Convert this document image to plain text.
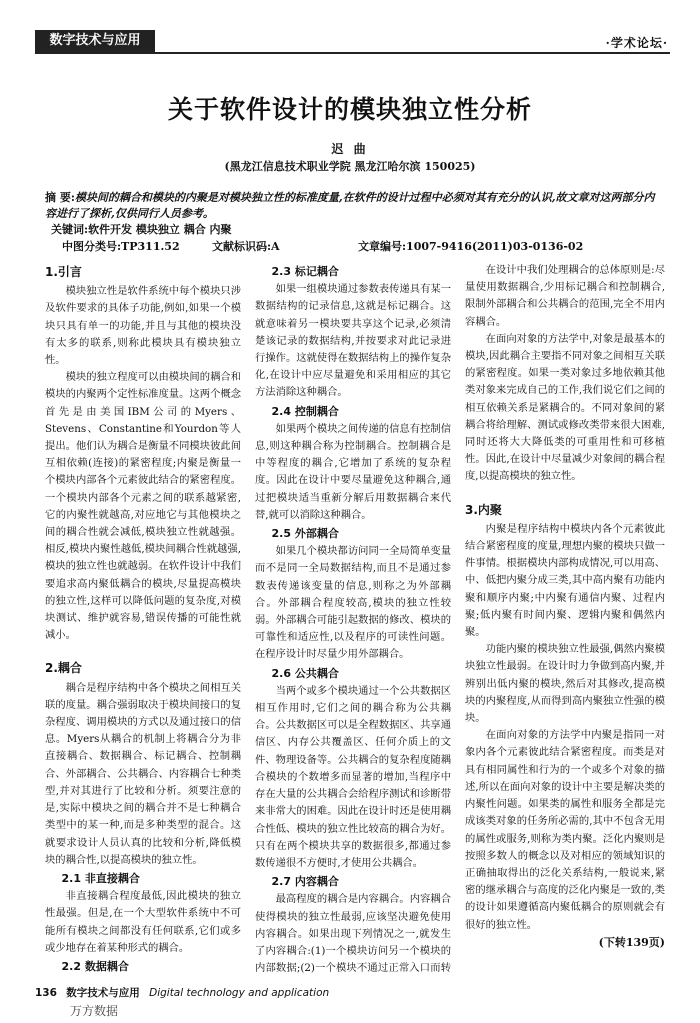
数字技术与应用	·学术论坛·
关于软件设计的模块独立性分析
迟 曲
(黑龙江信息技术职业学院 黑龙江哈尔滨 150025)
摘 要:模块间的耦合和模块的内聚是对模块独立性的标准度量,在软件的设计过程中必须对其有充分的认识,故文章对这两部分内容进行了探析,仅供同行人员参考。
关键词:软件开发 模块独立 耦合 内聚
中图分类号:TP311.52	文献标识码:A	文章编号:1007-9416(2011)03-0136-02
1.引言

模块独立性是软件系统中每个模块只涉及软件要求的具体子功能,例如,如果一个模块只具有单一的功能,并且与其他的模块没有太多的联系,则称此模块具有模块独立性。

模块的独立程度可以由模块间的耦合和模块的内聚两个定性标准度量。这两个概念首先是由美国IBM公司的Myers、Stevens、Constantine和Yourdon等人提出。他们认为耦合是衡量不同模块彼此间互相依赖(连接)的紧密程度;内聚是衡量一个模块内部各个元素彼此结合的紧密程度。一个模块内部各个元素之间的联系越紧密,它的内聚性就越高,对应地它与其他模块之间的耦合性就会减低,模块独立性就越强。相反,模块内聚性越低,模块间耦合性就越强,模块的独立性也就越弱。在软件设计中我们要追求高内聚低耦合的模块,尽量提高模块的独立性,这样可以降低问题的复杂度,对模块测试、维护就容易,错误传播的可能性就减小。

2.耦合

耦合是程序结构中各个模块之间相互关联的度量。耦合强弱取决于模块间接口的复杂程度、调用模块的方式以及通过接口的信息。Myers从耦合的机制上将耦合分为非直接耦合、数据耦合、标记耦合、控制耦合、外部耦合、公共耦合、内容耦合七种类型,并对其进行了比较和分析。须要注意的是,实际中模块之间的耦合并不是七种耦合类型中的某一种,而是多种类型的混合。这就要求设计人员认真的比较和分析,降低模块的耦合性,以提高模块的独立性。

2.1 非直接耦合

非直接耦合程度最低,因此模块的独立性最强。但是,在一个大型软件系统中不可能所有模块之间都没有任何联系,它们或多或少地存在着某种形式的耦合。

2.2 数据耦合

2.3 标记耦合

如果一组模块通过参数表传递具有某一数据结构的记录信息,这就是标记耦合。这就意味着另一模块要共享这个记录,必须清楚该记录的数据结构,并按要求对此记录进行操作。这就使得在数据结构上的操作复杂化,在设计中应尽量避免和采用相应的其它方法消除这种耦合。

2.4 控制耦合

如果两个模块之间传递的信息有控制信息,则这种耦合称为控制耦合。控制耦合是中等程度的耦合,它增加了系统的复杂程度。因此在设计中要尽量避免这种耦合,通过把模块适当重新分解后用数据耦合来代替,就可以消除这种耦合。

2.5 外部耦合

如果几个模块都访问同一全局简单变量而不是同一全局数据结构,而且不是通过参数表传递该变量的信息,则称之为外部耦合。外部耦合程度较高,模块的独立性较弱。外部耦合可能引起数据的修改、模块的可靠性和适应性,以及程序的可读性问题。在程序设计时尽量少用外部耦合。

2.6 公共耦合

当两个或多个模块通过一个公共数据区相互作用时,它们之间的耦合称为公共耦合。公共数据区可以是全程数据区、共享通信区、内存公共覆盖区、任何介质上的文件、物理设备等。公共耦合的复杂程度随耦合模块的个数增多而显著的增加,当程序中存在大量的公共耦合会给程序测试和诊断带来非常大的困难。因此在设计时还是使用耦合性低、模块的独立性比较高的耦合为好。只有在两个模块共享的数据很多,都通过参数传递很不方便时,才使用公共耦合。

2.7 内容耦合

最高程度的耦合是内容耦合。内容耦合使得模块的独立性最弱,应该坚决避免使用内容耦合。如果出现下列情况之一,就发生了内容耦合:(1)一个模块访问另一个模块的内部数据;(2)一个模块不通过正常入口而转

在设计中我们处理耦合的总体原则是:尽量使用数据耦合,少用标记耦合和控制耦合,限制外部耦合和公共耦合的范围,完全不用内容耦合。

在面向对象的方法学中,对象是最基本的模块,因此耦合主要指不同对象之间相互关联的紧密程度。如果一类对象过多地依赖其他类对象来完成自己的工作,我们说它们之间的相互依赖关系是紧耦合的。不同对象间的紧耦合将给理解、测试或修改类带来很大困难,同时还将大大降低类的可重用性和可移植性。因此,在设计中尽量减少对象间的耦合程度,以提高模块的独立性。

3.内聚

内聚是程序结构中模块内各个元素彼此结合紧密程度的度量,理想内聚的模块只做一件事情。根据模块内部构成情况,可以用高、中、低把内聚分成三类,其中高内聚有功能内聚和顺序内聚;中内聚有通信内聚、过程内聚;低内聚有时间内聚、逻辑内聚和偶然内聚。

功能内聚的模块独立性最强,偶然内聚模块独立性最弱。在设计时力争做到高内聚,并辨别出低内聚的模块,然后对其修改,提高模块的内聚程度,从而得到高内聚独立性强的模块。

在面向对象的方法学中内聚是指同一对象内各个元素彼此结合紧密程度。而类是对具有相同属性和行为的一个或多个对象的描述,所以在面向对象的设计中主要是解决类的内聚性问题。如果类的属性和服务全都是完成该类对象的任务所必需的,其中不包含无用的属性或服务,则称为类内聚。泛化内聚则是按照多数人的概念以及对相应的领域知识的正确抽取得出的泛化关系结构,一般说来,紧密的继承耦合与高度的泛化内聚是一致的,类的设计如果遵循高内聚低耦合的原则就会有很好的独立性。

(下转139页)
136 数字技术与应用 Digital technology and application
万方数据
